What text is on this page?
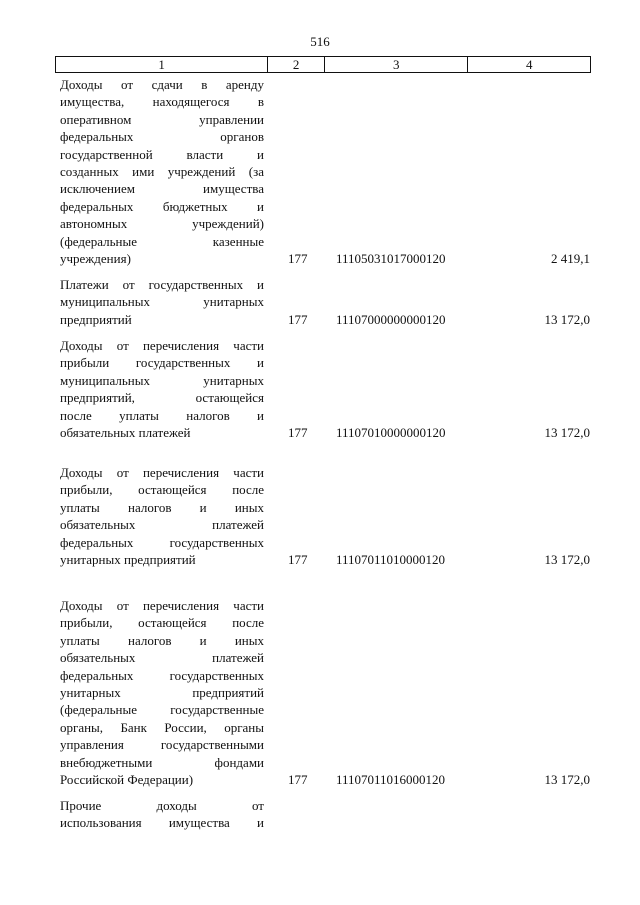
516
1	2	3	4
Доходы от сдачи в аренду
имущества, находящегося в
оперативном управлении
федеральных органов
государственной власти и
созданных ими учреждений (за
исключением имущества
федеральных бюджетных и
автономных учреждений)
(федеральные казенные
учреждения)	177 11105031017000120	2 419,1
Платежи от государственных и
муниципальных унитарных
предприятий	177 11107000000000120	13 172,0
Доходы от перечисления части
прибыли государственных и
муниципальных унитарных
предприятий, остающейся
после уплаты налогов и
обязательных платежей	177 11107010000000120	13 172,0
Доходы от перечисления части
прибыли, остающейся после
уплаты налогов и иных
обязательных платежей
федеральных государственных
унитарных предприятий	177 11107011010000120	13 172,0
Доходы от перечисления части
прибыли, остающейся после
уплаты налогов и иных
обязательных платежей
федеральных государственных
унитарных предприятий
(федеральные государственные
органы, Банк России, органы
управления государственными
внебюджетными фондами
Российской Федерации)	177 11107011016000120	13 172,0
Прочие доходы от
использования имущества и
